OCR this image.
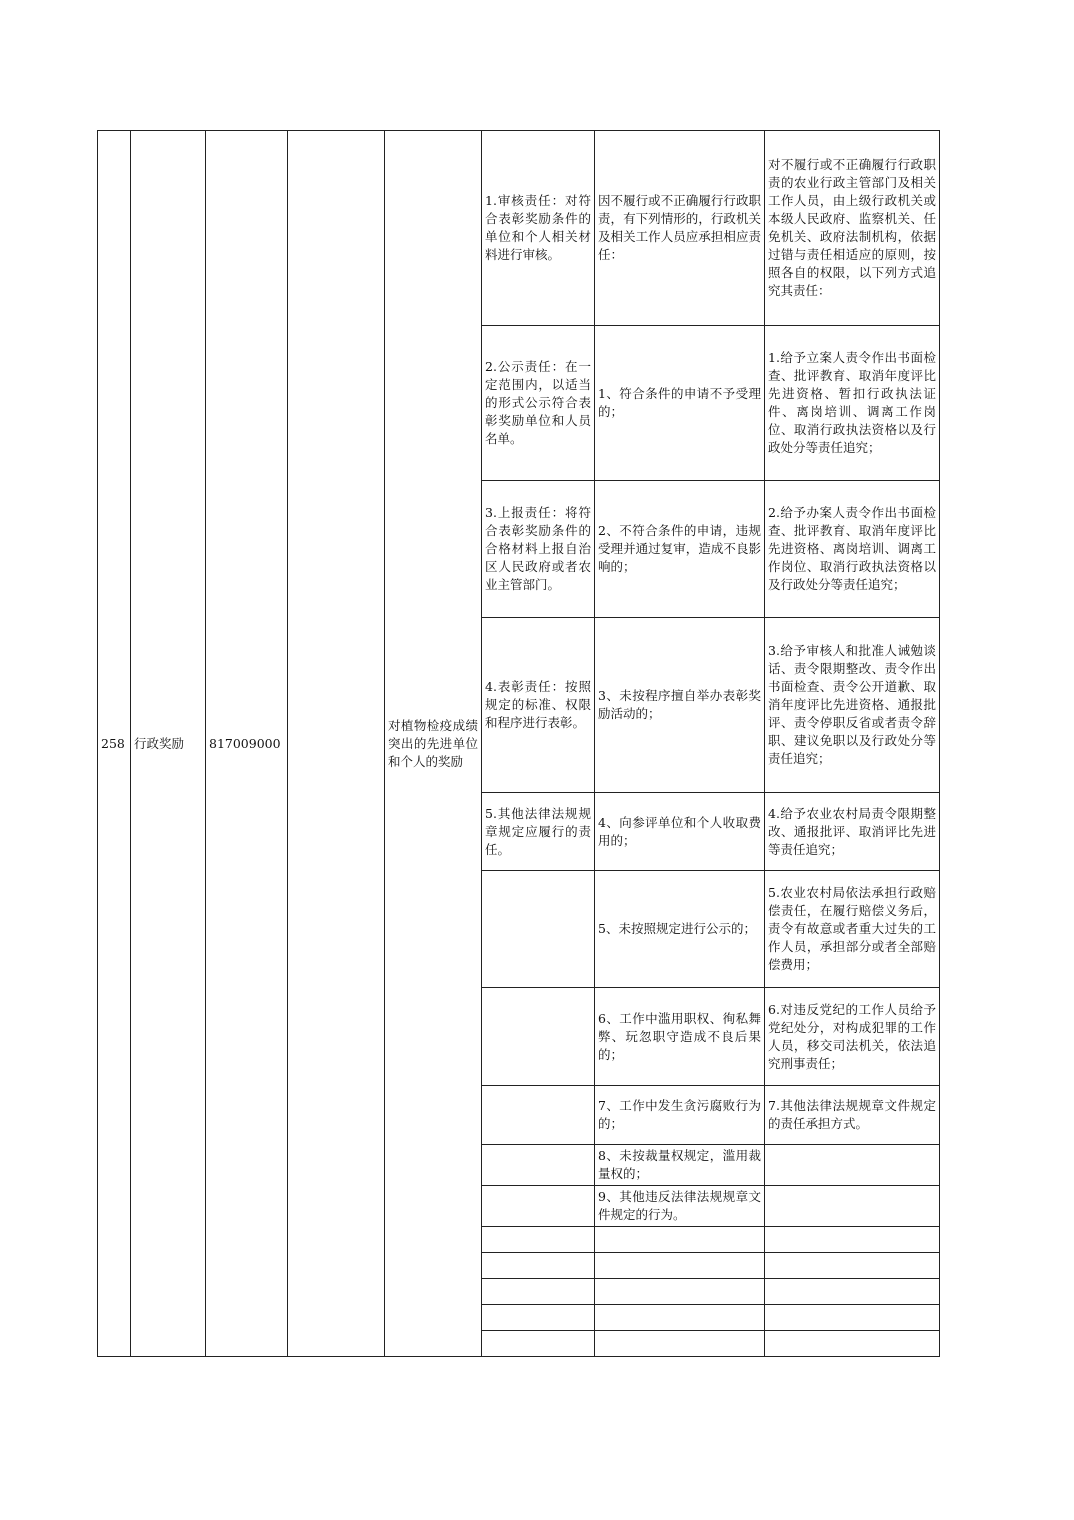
258	行政奖励	817009000		对植物检疫成绩突出的先进单位和个人的奖励	1.审核责任：对符合表彰奖励条件的单位和个人相关材料进行审核。	因不履行或不正确履行行政职责，有下列情形的，行政机关及相关工作人员应承担相应责任：	对不履行或不正确履行行政职责的农业行政主管部门及相关工作人员，由上级行政机关或本级人民政府、监察机关、任免机关、政府法制机构，依据过错与责任相适应的原则，按照各自的权限，以下列方式追究其责任：
					2.公示责任：在一定范围内，以适当的形式公示符合表彰奖励单位和人员名单。	1、符合条件的申请不予受理的；	1.给予立案人责令作出书面检查、批评教育、取消年度评比先进资格、暂扣行政执法证件、离岗培训、调离工作岗位、取消行政执法资格以及行政处分等责任追究；
					3.上报责任：将符合表彰奖励条件的合格材料上报自治区人民政府或者农业主管部门。	2、不符合条件的申请，违规受理并通过复审，造成不良影响的；	2.给予办案人责令作出书面检查、批评教育、取消年度评比先进资格、离岗培训、调离工作岗位、取消行政执法资格以及行政处分等责任追究；
					4.表彰责任：按照规定的标准、权限和程序进行表彰。	3、未按程序擅自举办表彰奖励活动的；	3.给予审核人和批准人诫勉谈话、责令限期整改、责令作出书面检查、责令公开道歉、取消年度评比先进资格、通报批评、责令停职反省或者责令辞职、建议免职以及行政处分等责任追究；
					5.其他法律法规规章规定应履行的责任。	4、向参评单位和个人收取费用的；	4.给予农业农村局责令限期整改、通报批评、取消评比先进等责任追究；
						5、未按照规定进行公示的；	5.农业农村局依法承担行政赔偿责任，在履行赔偿义务后，责令有故意或者重大过失的工作人员，承担部分或者全部赔偿费用；
						6、工作中滥用职权、徇私舞弊、玩忽职守造成不良后果的；	6.对违反党纪的工作人员给予党纪处分，对构成犯罪的工作人员，移交司法机关，依法追究刑事责任；
						7、工作中发生贪污腐败行为的；	7.其他法律法规规章文件规定的责任承担方式。
						8、未按裁量权规定，滥用裁量权的；	
						9、其他违反法律法规规章文件规定的行为。	
